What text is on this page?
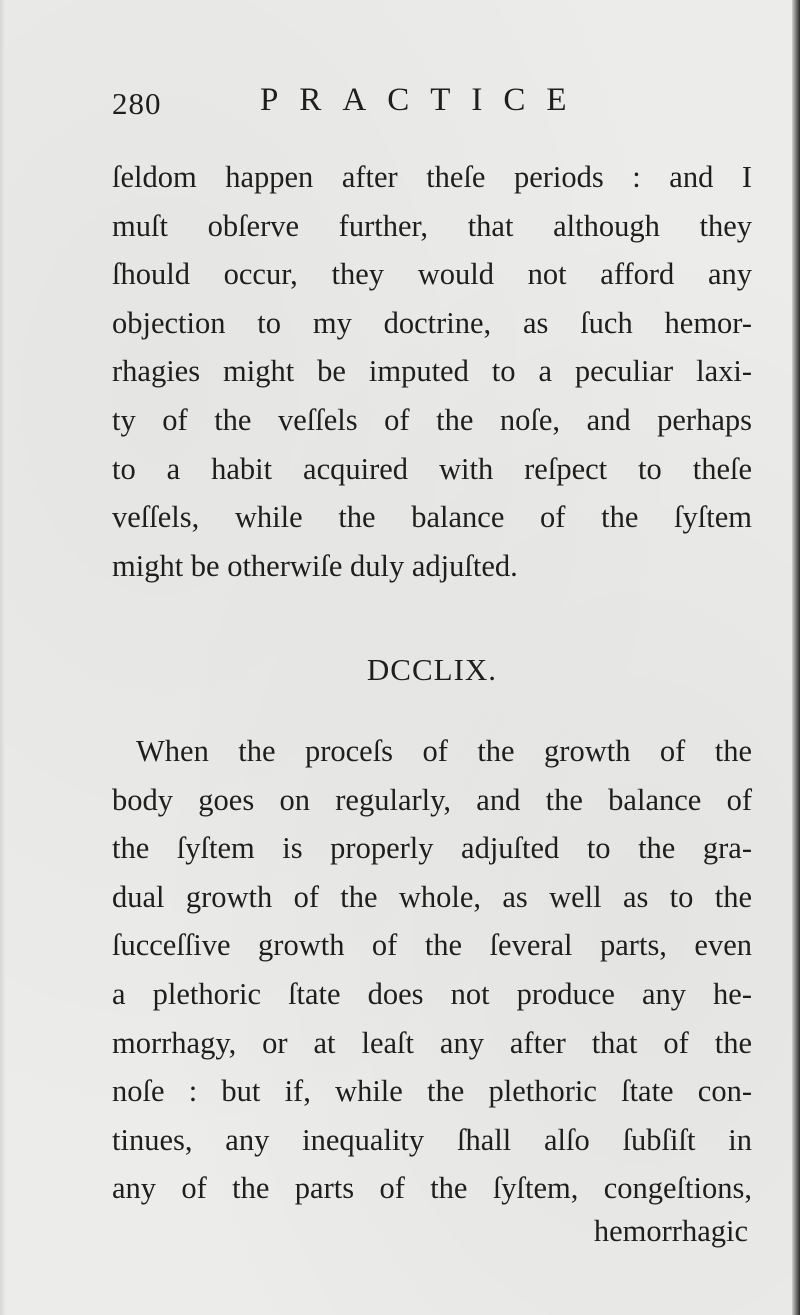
280	PRACTICE
ſeldom happen after theſe periods : and I
muſt obſerve further, that although they
ſhould occur, they would not afford any
objection to my doctrine, as ſuch hemor-
rhagies might be imputed to a peculiar laxi-
ty of the veſſels of the noſe, and perhaps
to a habit acquired with reſpect to theſe
veſſels, while the balance of the ſyſtem
might be otherwiſe duly adjuſted.
DCCLIX.
When the proceſs of the growth of the
body goes on regularly, and the balance of
the ſyſtem is properly adjuſted to the gra-
dual growth of the whole, as well as to the
ſucceſſive growth of the ſeveral parts, even
a plethoric ſtate does not produce any he-
morrhagy, or at leaſt any after that of the
noſe : but if, while the plethoric ſtate con-
tinues, any inequality ſhall alſo ſubſiſt in
any of the parts of the ſyſtem, congeſtions,
hemorrhagic
